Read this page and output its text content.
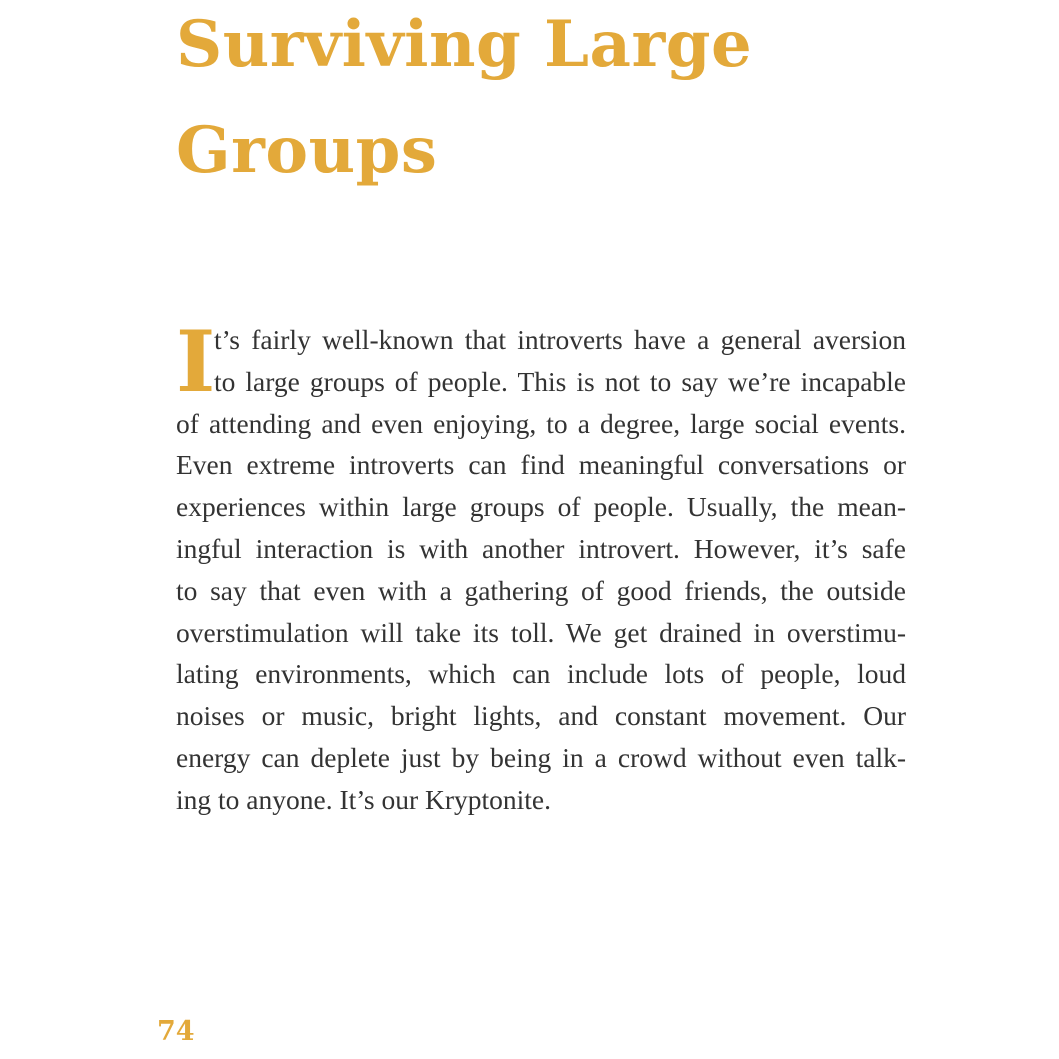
Surviving Large
Groups
I
t’s fairly well-known that introverts have a general aversion
to large groups of people. This is not to say we’re incapable
of attending and even enjoying, to a degree, large social events.
Even extreme introverts can find meaningful conversations or
experiences within large groups of people. Usually, the mean-
ingful interaction is with another introvert. However, it’s safe
to say that even with a gathering of good friends, the outside
overstimulation will take its toll. We get drained in overstimu-
lating environments, which can include lots of people, loud
noises or music, bright lights, and constant movement. Our
energy can deplete just by being in a crowd without even talk-
ing to anyone. It’s our Kryptonite.
74
